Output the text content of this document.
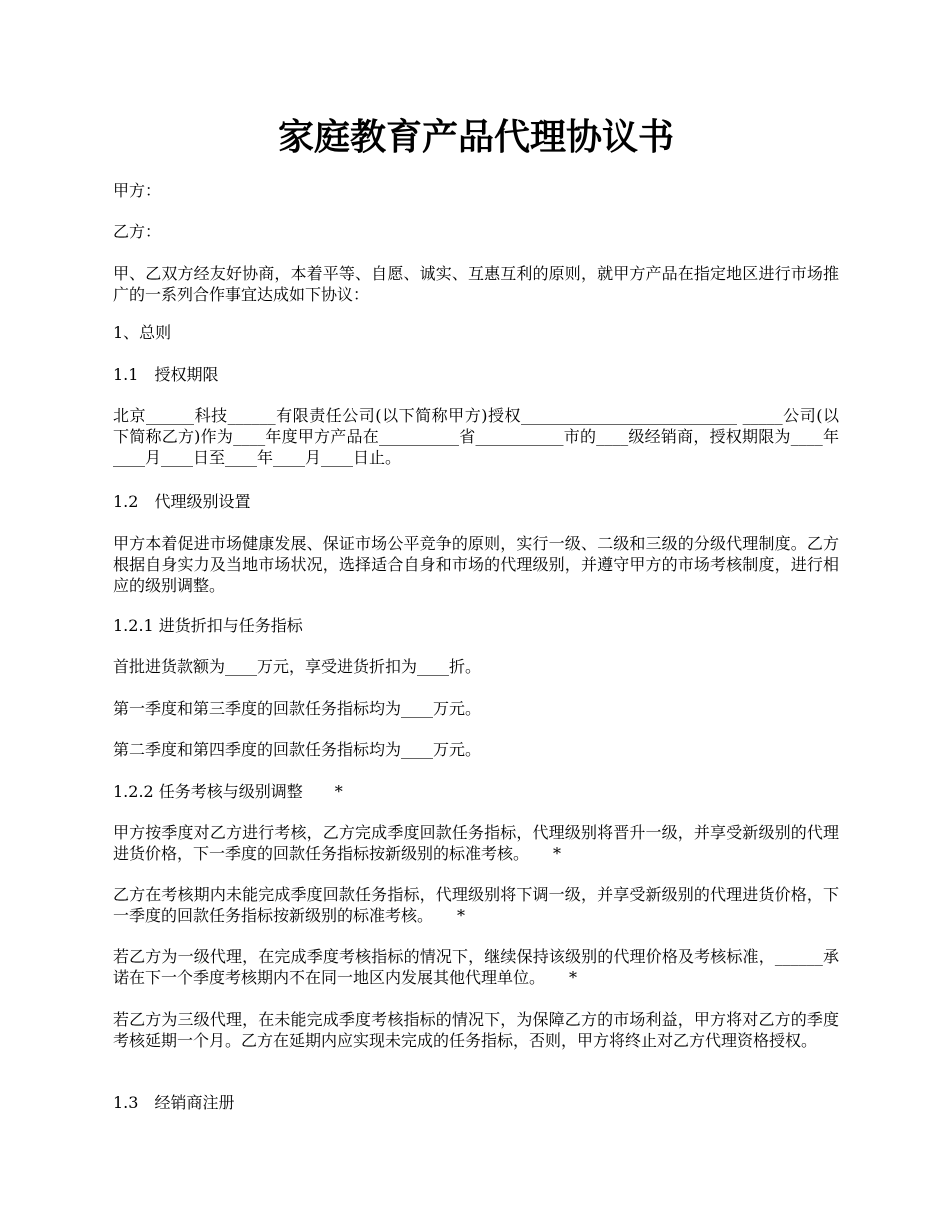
家庭教育产品代理协议书

甲方：

乙方：

甲、乙双方经友好协商，本着平等、自愿、诚实、互惠互利的原则，就甲方产品在指定地区进行市场推广的一系列合作事宜达成如下协议：

1、总则

1.1　授权期限

北京______科技______有限责任公司(以下简称甲方)授权___________________________ _____公司(以下简称乙方)作为____年度甲方产品在__________省___________市的____级经销商，授权期限为____年____月____日至____年____月____日止。

1.2　代理级别设置

甲方本着促进市场健康发展、保证市场公平竞争的原则，实行一级、二级和三级的分级代理制度。乙方根据自身实力及当地市场状况，选择适合自身和市场的代理级别，并遵守甲方的市场考核制度，进行相应的级别调整。

1.2.1 进货折扣与任务指标

首批进货款额为____万元，享受进货折扣为____折。

第一季度和第三季度的回款任务指标均为____万元。

第二季度和第四季度的回款任务指标均为____万元。

1.2.2 任务考核与级别调整　　*

甲方按季度对乙方进行考核，乙方完成季度回款任务指标，代理级别将晋升一级，并享受新级别的代理进货价格，下一季度的回款任务指标按新级别的标准考核。　　*

乙方在考核期内未能完成季度回款任务指标，代理级别将下调一级，并享受新级别的代理进货价格，下一季度的回款任务指标按新级别的标准考核。　　*

若乙方为一级代理，在完成季度考核指标的情况下，继续保持该级别的代理价格及考核标准，______承诺在下一个季度考核期内不在同一地区内发展其他代理单位。　　*

若乙方为三级代理，在未能完成季度考核指标的情况下，为保障乙方的市场利益，甲方将对乙方的季度考核延期一个月。乙方在延期内应实现未完成的任务指标，否则，甲方将终止对乙方代理资格授权。

1.3　经销商注册
